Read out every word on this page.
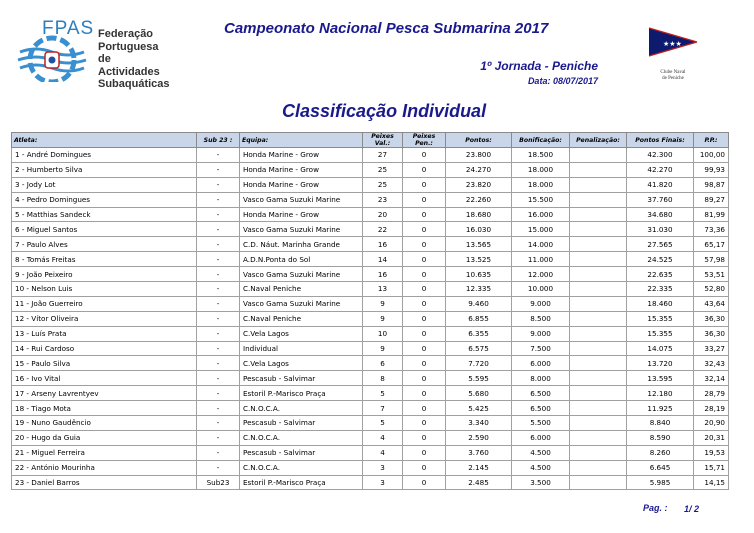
FPAS Federação
Portuguesa de
Actividades
Subaquáticas
Campeonato Nacional Pesca Submarina 2017
1º Jornada - Peniche
Data: 08/07/2017
★★★
Clube Naval
de Peniche
Classificação Individual
Atleta:	Sub 23 :	Equipa:	Peixes Val.:	Peixes Pen.:	Pontos:	Bonificação:	Penalização:	Pontos Finais:	P.P.:
1 - André Domingues	-	Honda Marine - Grow	27	0	23.800	18.500		42.300	100,00
2 - Humberto Silva	-	Honda Marine - Grow	25	0	24.270	18.000		42.270	99,93
3 - Jody Lot	-	Honda Marine - Grow	25	0	23.820	18.000		41.820	98,87
4 - Pedro Domingues	-	Vasco Gama Suzuki Marine	23	0	22.260	15.500		37.760	89,27
5 - Matthias Sandeck	-	Honda Marine - Grow	20	0	18.680	16.000		34.680	81,99
6 - Miguel Santos	-	Vasco Gama Suzuki Marine	22	0	16.030	15.000		31.030	73,36
7 - Paulo Alves	-	C.D. Náut. Marinha Grande	16	0	13.565	14.000		27.565	65,17
8 - Tomás Freitas	-	A.D.N.Ponta do Sol	14	0	13.525	11.000		24.525	57,98
9 - João Peixeiro	-	Vasco Gama Suzuki Marine	16	0	10.635	12.000		22.635	53,51
10 - Nelson Luis	-	C.Naval Peniche	13	0	12.335	10.000		22.335	52,80
11 - João Guerreiro	-	Vasco Gama Suzuki Marine	9	0	9.460	9.000		18.460	43,64
12 - Vítor Oliveira	-	C.Naval Peniche	9	0	6.855	8.500		15.355	36,30
13 - Luís Prata	-	C.Vela Lagos	10	0	6.355	9.000		15.355	36,30
14 - Rui Cardoso	-	Individual	9	0	6.575	7.500		14.075	33,27
15 - Paulo Silva	-	C.Vela Lagos	6	0	7.720	6.000		13.720	32,43
16 - Ivo Vital	-	Pescasub - Salvimar	8	0	5.595	8.000		13.595	32,14
17 - Arseny Lavrentyev	-	Estoril P.-Marisco Praça	5	0	5.680	6.500		12.180	28,79
18 - Tiago Mota	-	C.N.O.C.A.	7	0	5.425	6.500		11.925	28,19
19 - Nuno Gaudêncio	-	Pescasub - Salvimar	5	0	3.340	5.500		8.840	20,90
20 - Hugo da Guia	-	C.N.O.C.A.	4	0	2.590	6.000		8.590	20,31
21 - Miguel Ferreira	-	Pescasub - Salvimar	4	0	3.760	4.500		8.260	19,53
22 - António Mourinha	-	C.N.O.C.A.	3	0	2.145	4.500		6.645	15,71
23 - Daniel Barros	Sub23	Estoril P.-Marisco Praça	3	0	2.485	3.500		5.985	14,15
Pag. : 1/ 2
